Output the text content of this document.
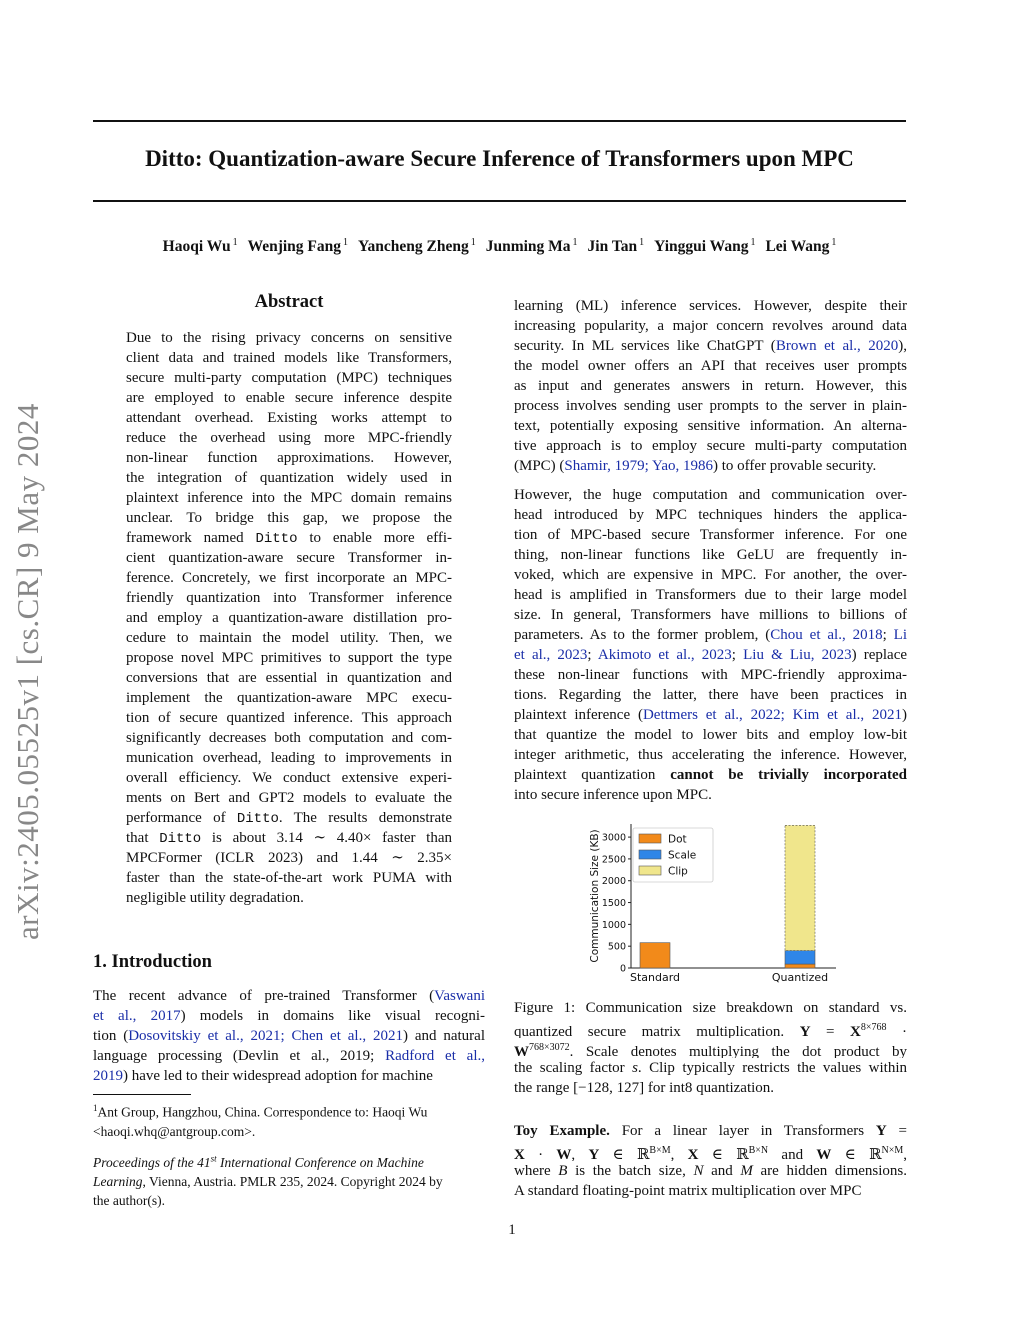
Ditto: Quantization-aware Secure Inference of Transformers upon MPC
Haoqi Wu $^1$ Wenjing Fang $^1$ Yancheng Zheng $^1$ Junming Ma $^1$ Jin Tan $^1$ Yinggui Wang $^1$ Lei Wang $^1$
arXiv:2405.05525v1 [cs.CR] 9 May 2024
Abstract
Due to the rising privacy concerns on sensitive
client data and trained models like Transformers,
secure multi-party computation (MPC) techniques
are employed to enable secure inference despite
attendant overhead. Existing works attempt to
reduce the overhead using more MPC-friendly
non-linear function approximations. However,
the integration of quantization widely used in
plaintext inference into the MPC domain remains
unclear. To bridge this gap, we propose the
framework named Ditto to enable more effi-
cient quantization-aware secure Transformer in-
ference. Concretely, we first incorporate an MPC-
friendly quantization into Transformer inference
and employ a quantization-aware distillation pro-
cedure to maintain the model utility. Then, we
propose novel MPC primitives to support the type
conversions that are essential in quantization and
implement the quantization-aware MPC execu-
tion of secure quantized inference. This approach
significantly decreases both computation and com-
munication overhead, leading to improvements in
overall efficiency. We conduct extensive experi-
ments on Bert and GPT2 models to evaluate the
performance of Ditto. The results demonstrate
that Ditto is about 3.14 ∼ 4.40× faster than
MPCFormer (ICLR 2023) and 1.44 ∼ 2.35×
faster than the state-of-the-art work PUMA with
negligible utility degradation.
1. Introduction
The recent advance of pre-trained Transformer (Vaswani
et al., 2017) models in domains like visual recogni-
tion (Dosovitskiy et al., 2021; Chen et al., 2021) and natural
language processing (Devlin et al., 2019; Radford et al.,
2019) have led to their widespread adoption for machine
$^1$Ant Group, Hangzhou, China. Correspondence to: Haoqi Wu
<haoqi.whq@antgroup.com>.
Proceedings of the 41st International Conference on Machine
Learning, Vienna, Austria. PMLR 235, 2024. Copyright 2024 by
the author(s).
learning (ML) inference services. However, despite their
increasing popularity, a major concern revolves around data
security. In ML services like ChatGPT (Brown et al., 2020),
the model owner offers an API that receives user prompts
as input and generates answers in return. However, this
process involves sending user prompts to the server in plain-
text, potentially exposing sensitive information. An alterna-
tive approach is to employ secure multi-party computation
(MPC) (Shamir, 1979; Yao, 1986) to offer provable security.
However, the huge computation and communication over-
head introduced by MPC techniques hinders the applica-
tion of MPC-based secure Transformer inference. For one
thing, non-linear functions like GeLU are frequently in-
voked, which are expensive in MPC. For another, the over-
head is amplified in Transformers due to their large model
size. In general, Transformers have millions to billions of
parameters. As to the former problem, (Chou et al., 2018; Li
et al., 2023; Akimoto et al., 2023; Liu & Liu, 2023) replace
these non-linear functions with MPC-friendly approxima-
tions. Regarding the latter, there have been practices in
plaintext inference (Dettmers et al., 2022; Kim et al., 2021)
that quantize the model to lower bits and employ low-bit
integer arithmetic, thus accelerating the inference. However,
plaintext quantization cannot be trivially incorporated
into secure inference upon MPC.
0
500
1000
1500
2000
2500
3000
Communication Size (KB)
Standard	Quantized
Dot
Scale
Clip
Figure 1: Communication size breakdown on standard vs.
quantized secure matrix multiplication. $Y = X^{8\times 768}$ ·
$W^{768\times 3072}$. Scale denotes multiplying the dot product by
the scaling factor s. Clip typically restricts the values within
the range [−128, 127] for int8 quantization.
Toy Example. For a linear layer in Transformers Y =
X · W, Y ∈ ℝ$^{B\times M}$, X ∈ ℝ$^{B\times N}$ and W ∈ ℝ$^{N\times M}$,
where B is the batch size, N and M are hidden dimensions.
A standard floating-point matrix multiplication over MPC
1
